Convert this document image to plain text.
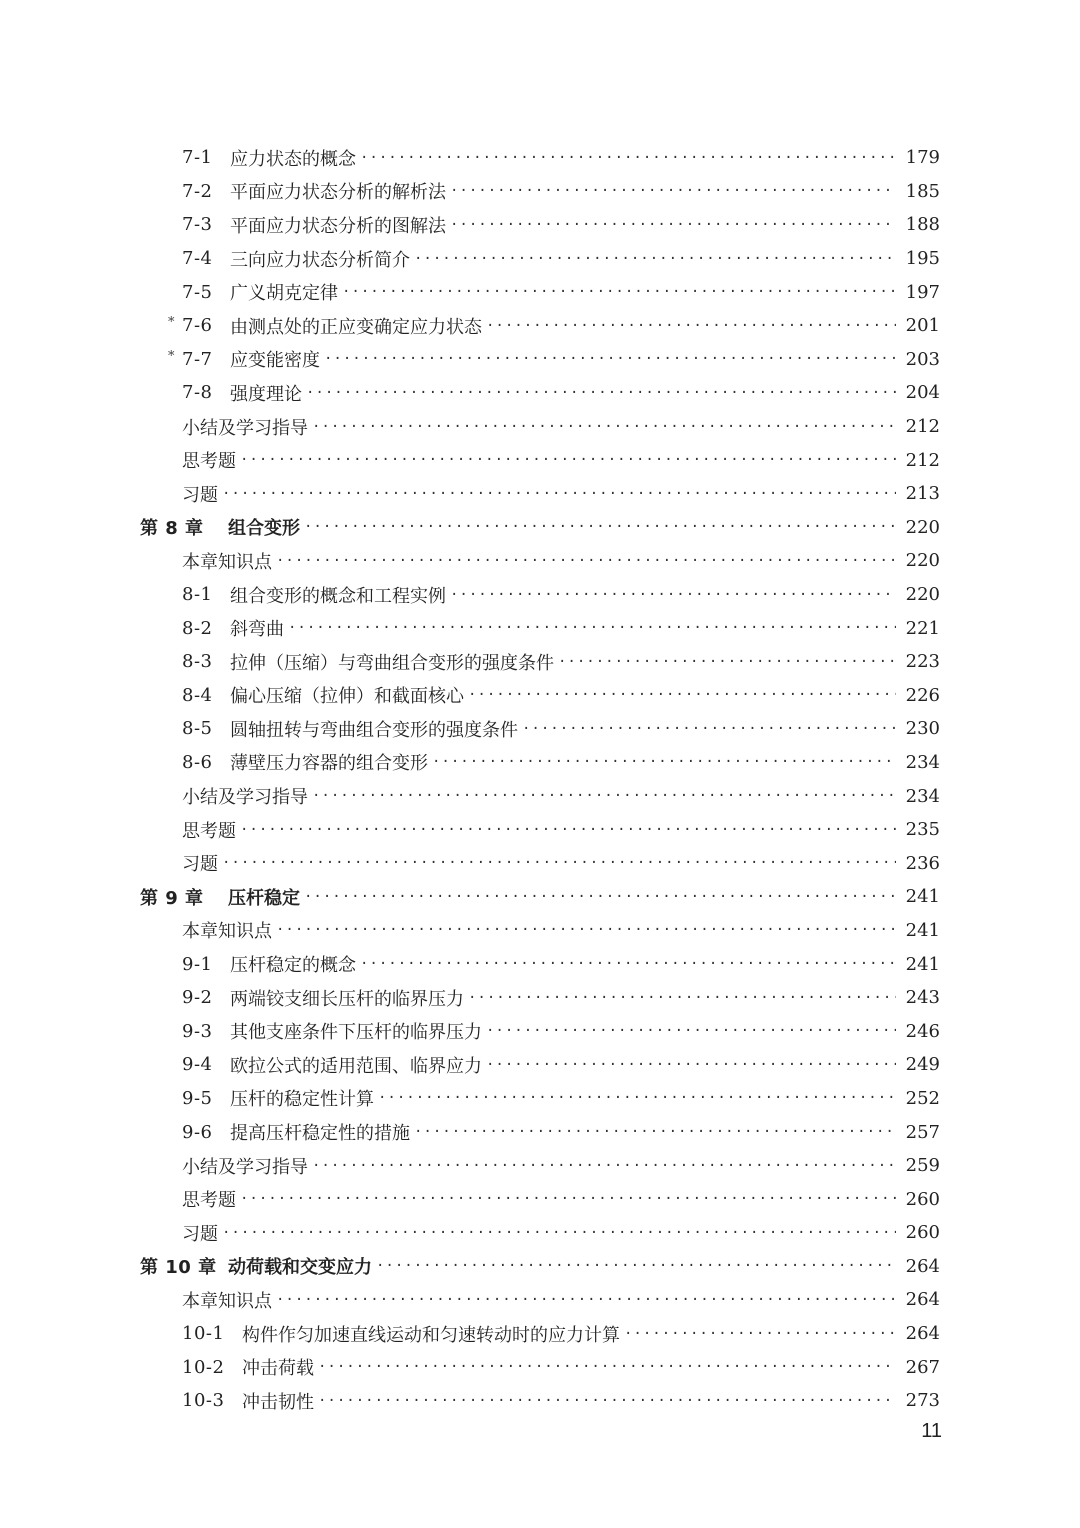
7-1 应力状态的概念 ·····	179
7-2 平面应力状态分析的解析法 ·····	185
7-3 平面应力状态分析的图解法 ·····	188
7-4 三向应力状态分析简介 ·····	195
7-5 广义胡克定律 ·····	197
* 7-6 由测点处的正应变确定应力状态 ·····	201
* 7-7 应变能密度 ·····	203
7-8 强度理论 ·····	204
小结及学习指导 ·····	212
思考题 ·····	212
习题 ·····	213
第 8 章	组合变形 ·····	220
本章知识点 ·····	220
8-1 组合变形的概念和工程实例 ·····	220
8-2 斜弯曲 ·····	221
8-3 拉伸（压缩）与弯曲组合变形的强度条件 ·····	223
8-4 偏心压缩（拉伸）和截面核心 ·····	226
8-5 圆轴扭转与弯曲组合变形的强度条件 ·····	230
8-6 薄壁压力容器的组合变形 ·····	234
小结及学习指导 ·····	234
思考题 ·····	235
习题 ·····	236
第 9 章	压杆稳定 ·····	241
本章知识点 ·····	241
9-1 压杆稳定的概念 ·····	241
9-2 两端铰支细长压杆的临界压力 ·····	243
9-3 其他支座条件下压杆的临界压力 ·····	246
9-4 欧拉公式的适用范围、临界应力 ·····	249
9-5 压杆的稳定性计算 ·····	252
9-6 提高压杆稳定性的措施 ·····	257
小结及学习指导 ·····	259
思考题 ·····	260
习题 ·····	260
第 10 章 动荷载和交变应力 ·····	264
本章知识点 ·····	264
10-1 构件作匀加速直线运动和匀速转动时的应力计算 ·····	264
10-2 冲击荷载 ·····	267
10-3 冲击韧性 ·····	273
11
